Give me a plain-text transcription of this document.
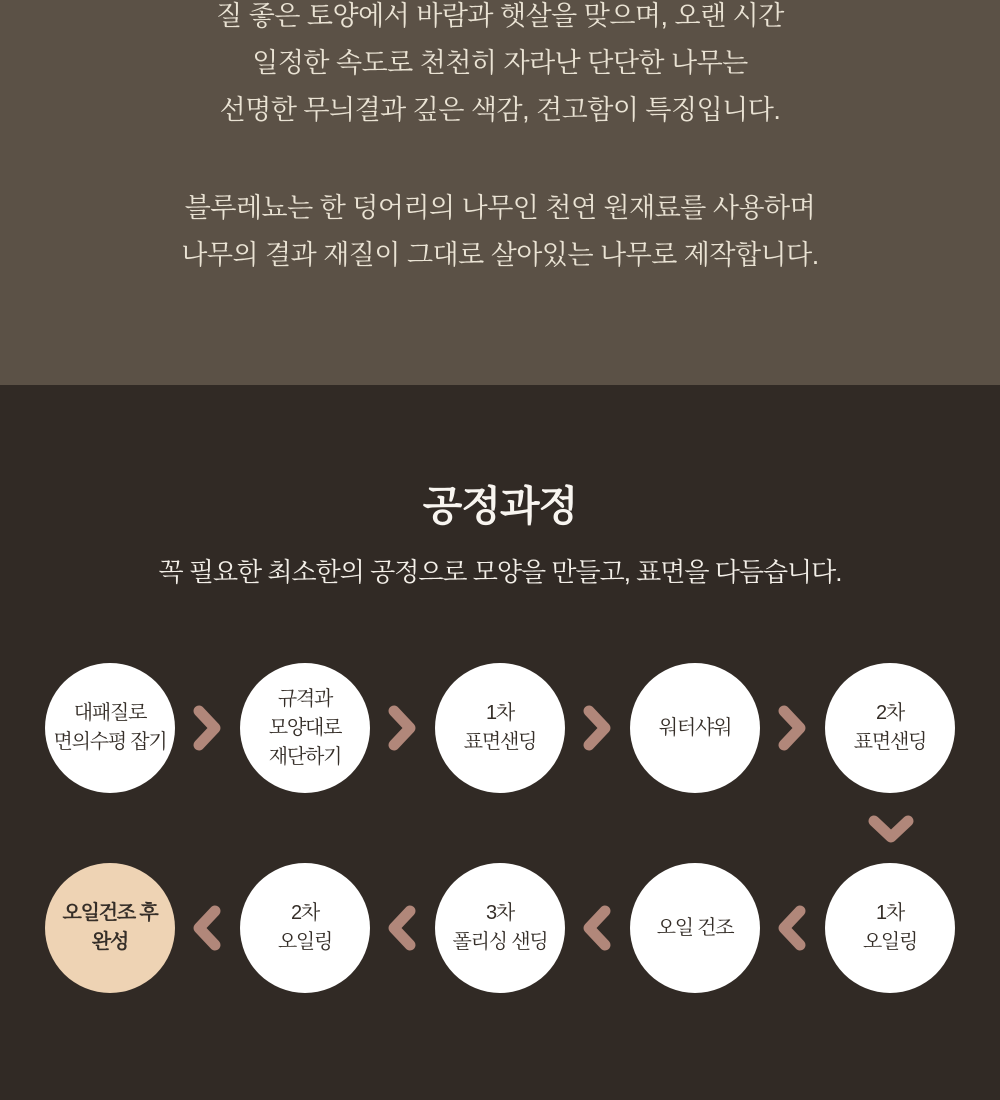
질 좋은 토양에서 바람과 햇살을 맞으며, 오랜 시간
일정한 속도로 천천히 자라난 단단한 나무는
선명한 무늬결과 깊은 색감, 견고함이 특징입니다.

블루레뇨는 한 덩어리의 나무인 천연 원재료를 사용하며
나무의 결과 재질이 그대로 살아있는 나무로 제작합니다.

공정과정

꼭 필요한 최소한의 공정으로 모양을 만들고, 표면을 다듬습니다.

대패질로
면의수평 잡기
규격과
모양대로
재단하기
1차
표면샌딩
워터샤워
2차
표면샌딩
오일건조 후
완성
2차
오일링
3차
폴리싱 샌딩
오일 건조
1차
오일링
